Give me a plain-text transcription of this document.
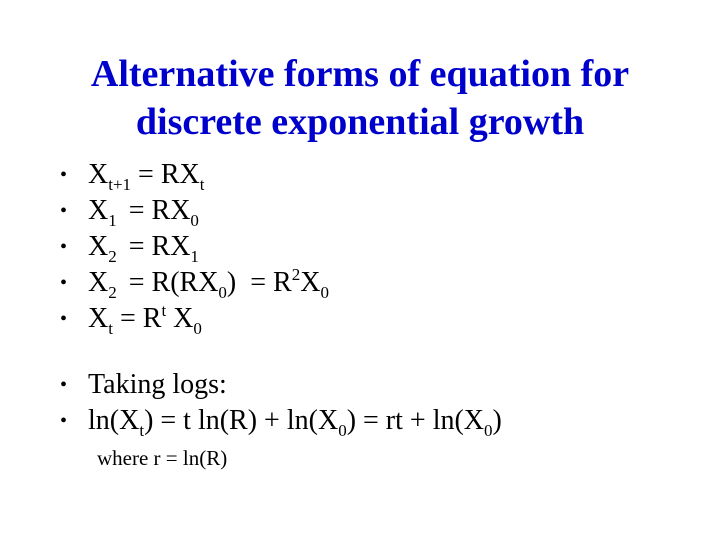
Alternative forms of equation for
discrete exponential growth
• $X_{t+1} = RX_t$
• $X_1 = RX_0$
• $X_2 = RX_1$
• $X_2 = R(RX_0) = R^2X_0$
• $X_t = R^t$ $X_0$
• Taking logs:
• $\ln(X_t) = t$ $\ln(R) + \ln(X_0)$ = rt + $\ln(X_0)$
where r = ln(R)
